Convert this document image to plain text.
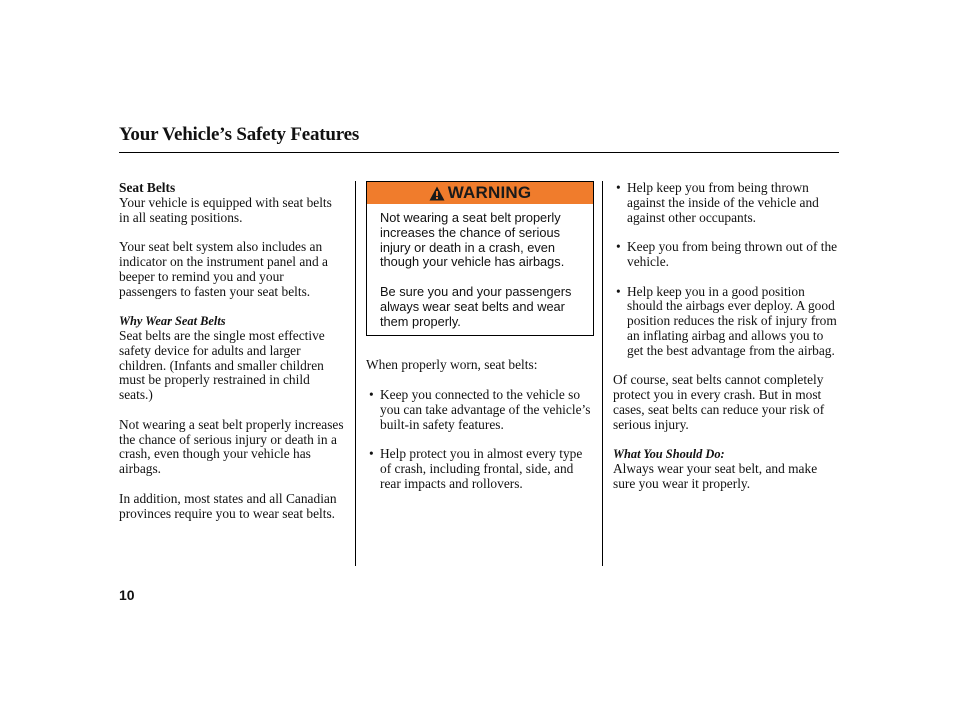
Your Vehicle’s Safety Features
Seat Belts

Your vehicle is equipped with seat belts in all seating positions.

Your seat belt system also includes an indicator on the instrument panel and a beeper to remind you and your passengers to fasten your seat belts.

Why Wear Seat Belts

Seat belts are the single most effective safety device for adults and larger children. (Infants and smaller children must be properly restrained in child seats.)

Not wearing a seat belt properly increases the chance of serious injury or death in a crash, even though your vehicle has airbags.

In addition, most states and all Canadian provinces require you to wear seat belts.

WARNING

Not wearing a seat belt properly increases the chance of serious injury or death in a crash, even though your vehicle has airbags.

Be sure you and your passengers always wear seat belts and wear them properly.

When properly worn, seat belts:

• Keep you connected to the vehicle so you can take advantage of the vehicle’s built-in safety features.
• Help protect you in almost every type of crash, including frontal, side, and rear impacts and rollovers.
• Help keep you from being thrown against the inside of the vehicle and against other occupants.
• Keep you from being thrown out of the vehicle.
• Help keep you in a good position should the airbags ever deploy. A good position reduces the risk of injury from an inflating airbag and allows you to get the best advantage from the airbag.

Of course, seat belts cannot completely protect you in every crash. But in most cases, seat belts can reduce your risk of serious injury.

What You Should Do:

Always wear your seat belt, and make sure you wear it properly.

10
